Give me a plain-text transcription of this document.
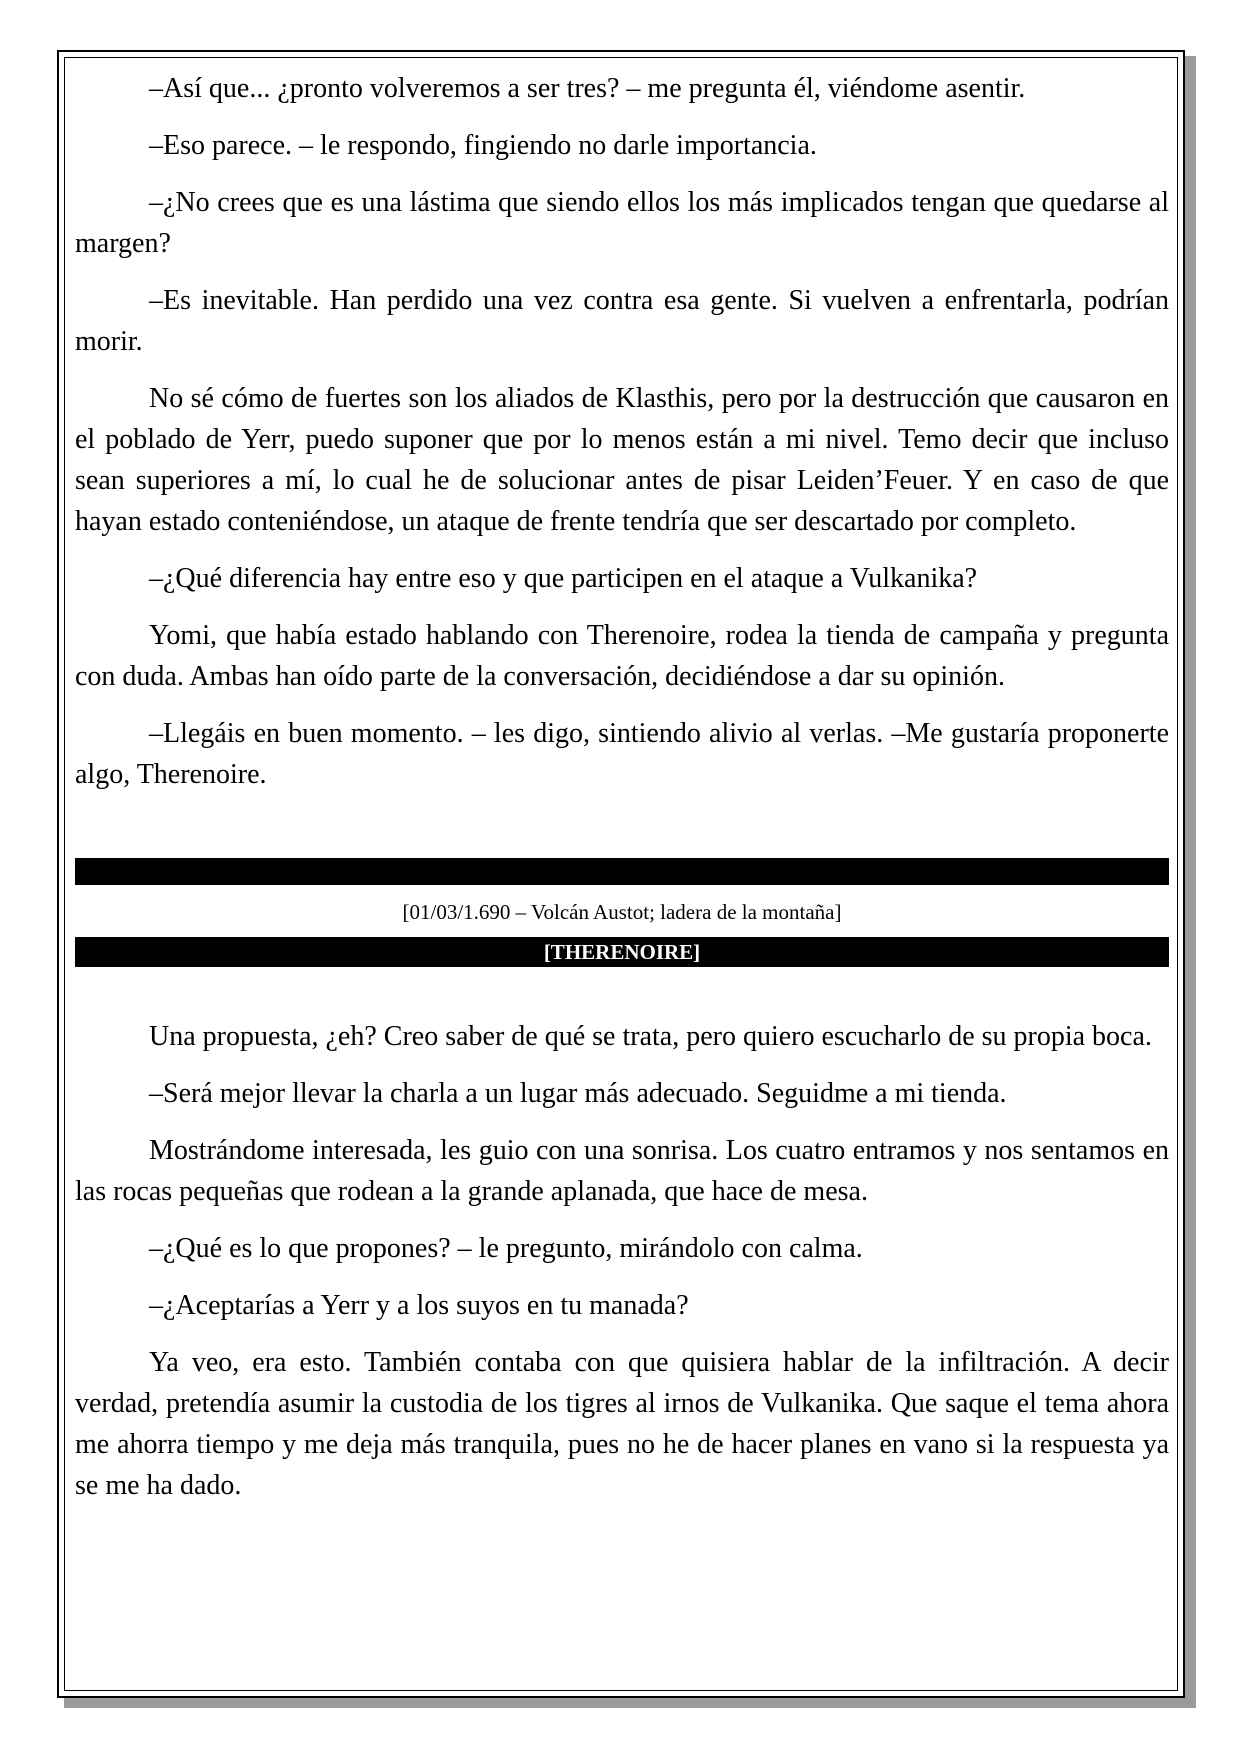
–Así que... ¿pronto volveremos a ser tres? – me pregunta él, viéndome asentir.

–Eso parece. – le respondo, fingiendo no darle importancia.

–¿No crees que es una lástima que siendo ellos los más implicados tengan que quedarse al margen?

–Es inevitable. Han perdido una vez contra esa gente. Si vuelven a enfrentarla, podrían morir.

No sé cómo de fuertes son los aliados de Klasthis, pero por la destrucción que causaron en el poblado de Yerr, puedo suponer que por lo menos están a mi nivel. Temo decir que incluso sean superiores a mí, lo cual he de solucionar antes de pisar Leiden’Feuer. Y en caso de que hayan estado conteniéndose, un ataque de frente tendría que ser descartado por completo.

–¿Qué diferencia hay entre eso y que participen en el ataque a Vulkanika?

Yomi, que había estado hablando con Therenoire, rodea la tienda de campaña y pregunta con duda. Ambas han oído parte de la conversación, decidiéndose a dar su opinión.

–Llegáis en buen momento. – les digo, sintiendo alivio al verlas. –Me gustaría proponerte algo, Therenoire.

[01/03/1.690 – Volcán Austot; ladera de la montaña]
[THERENOIRE]

Una propuesta, ¿eh? Creo saber de qué se trata, pero quiero escucharlo de su propia boca.

–Será mejor llevar la charla a un lugar más adecuado. Seguidme a mi tienda.

Mostrándome interesada, les guio con una sonrisa. Los cuatro entramos y nos sentamos en las rocas pequeñas que rodean a la grande aplanada, que hace de mesa.

–¿Qué es lo que propones? – le pregunto, mirándolo con calma.

–¿Aceptarías a Yerr y a los suyos en tu manada?

Ya veo, era esto. También contaba con que quisiera hablar de la infiltración. A decir verdad, pretendía asumir la custodia de los tigres al irnos de Vulkanika. Que saque el tema ahora me ahorra tiempo y me deja más tranquila, pues no he de hacer planes en vano si la respuesta ya se me ha dado.
